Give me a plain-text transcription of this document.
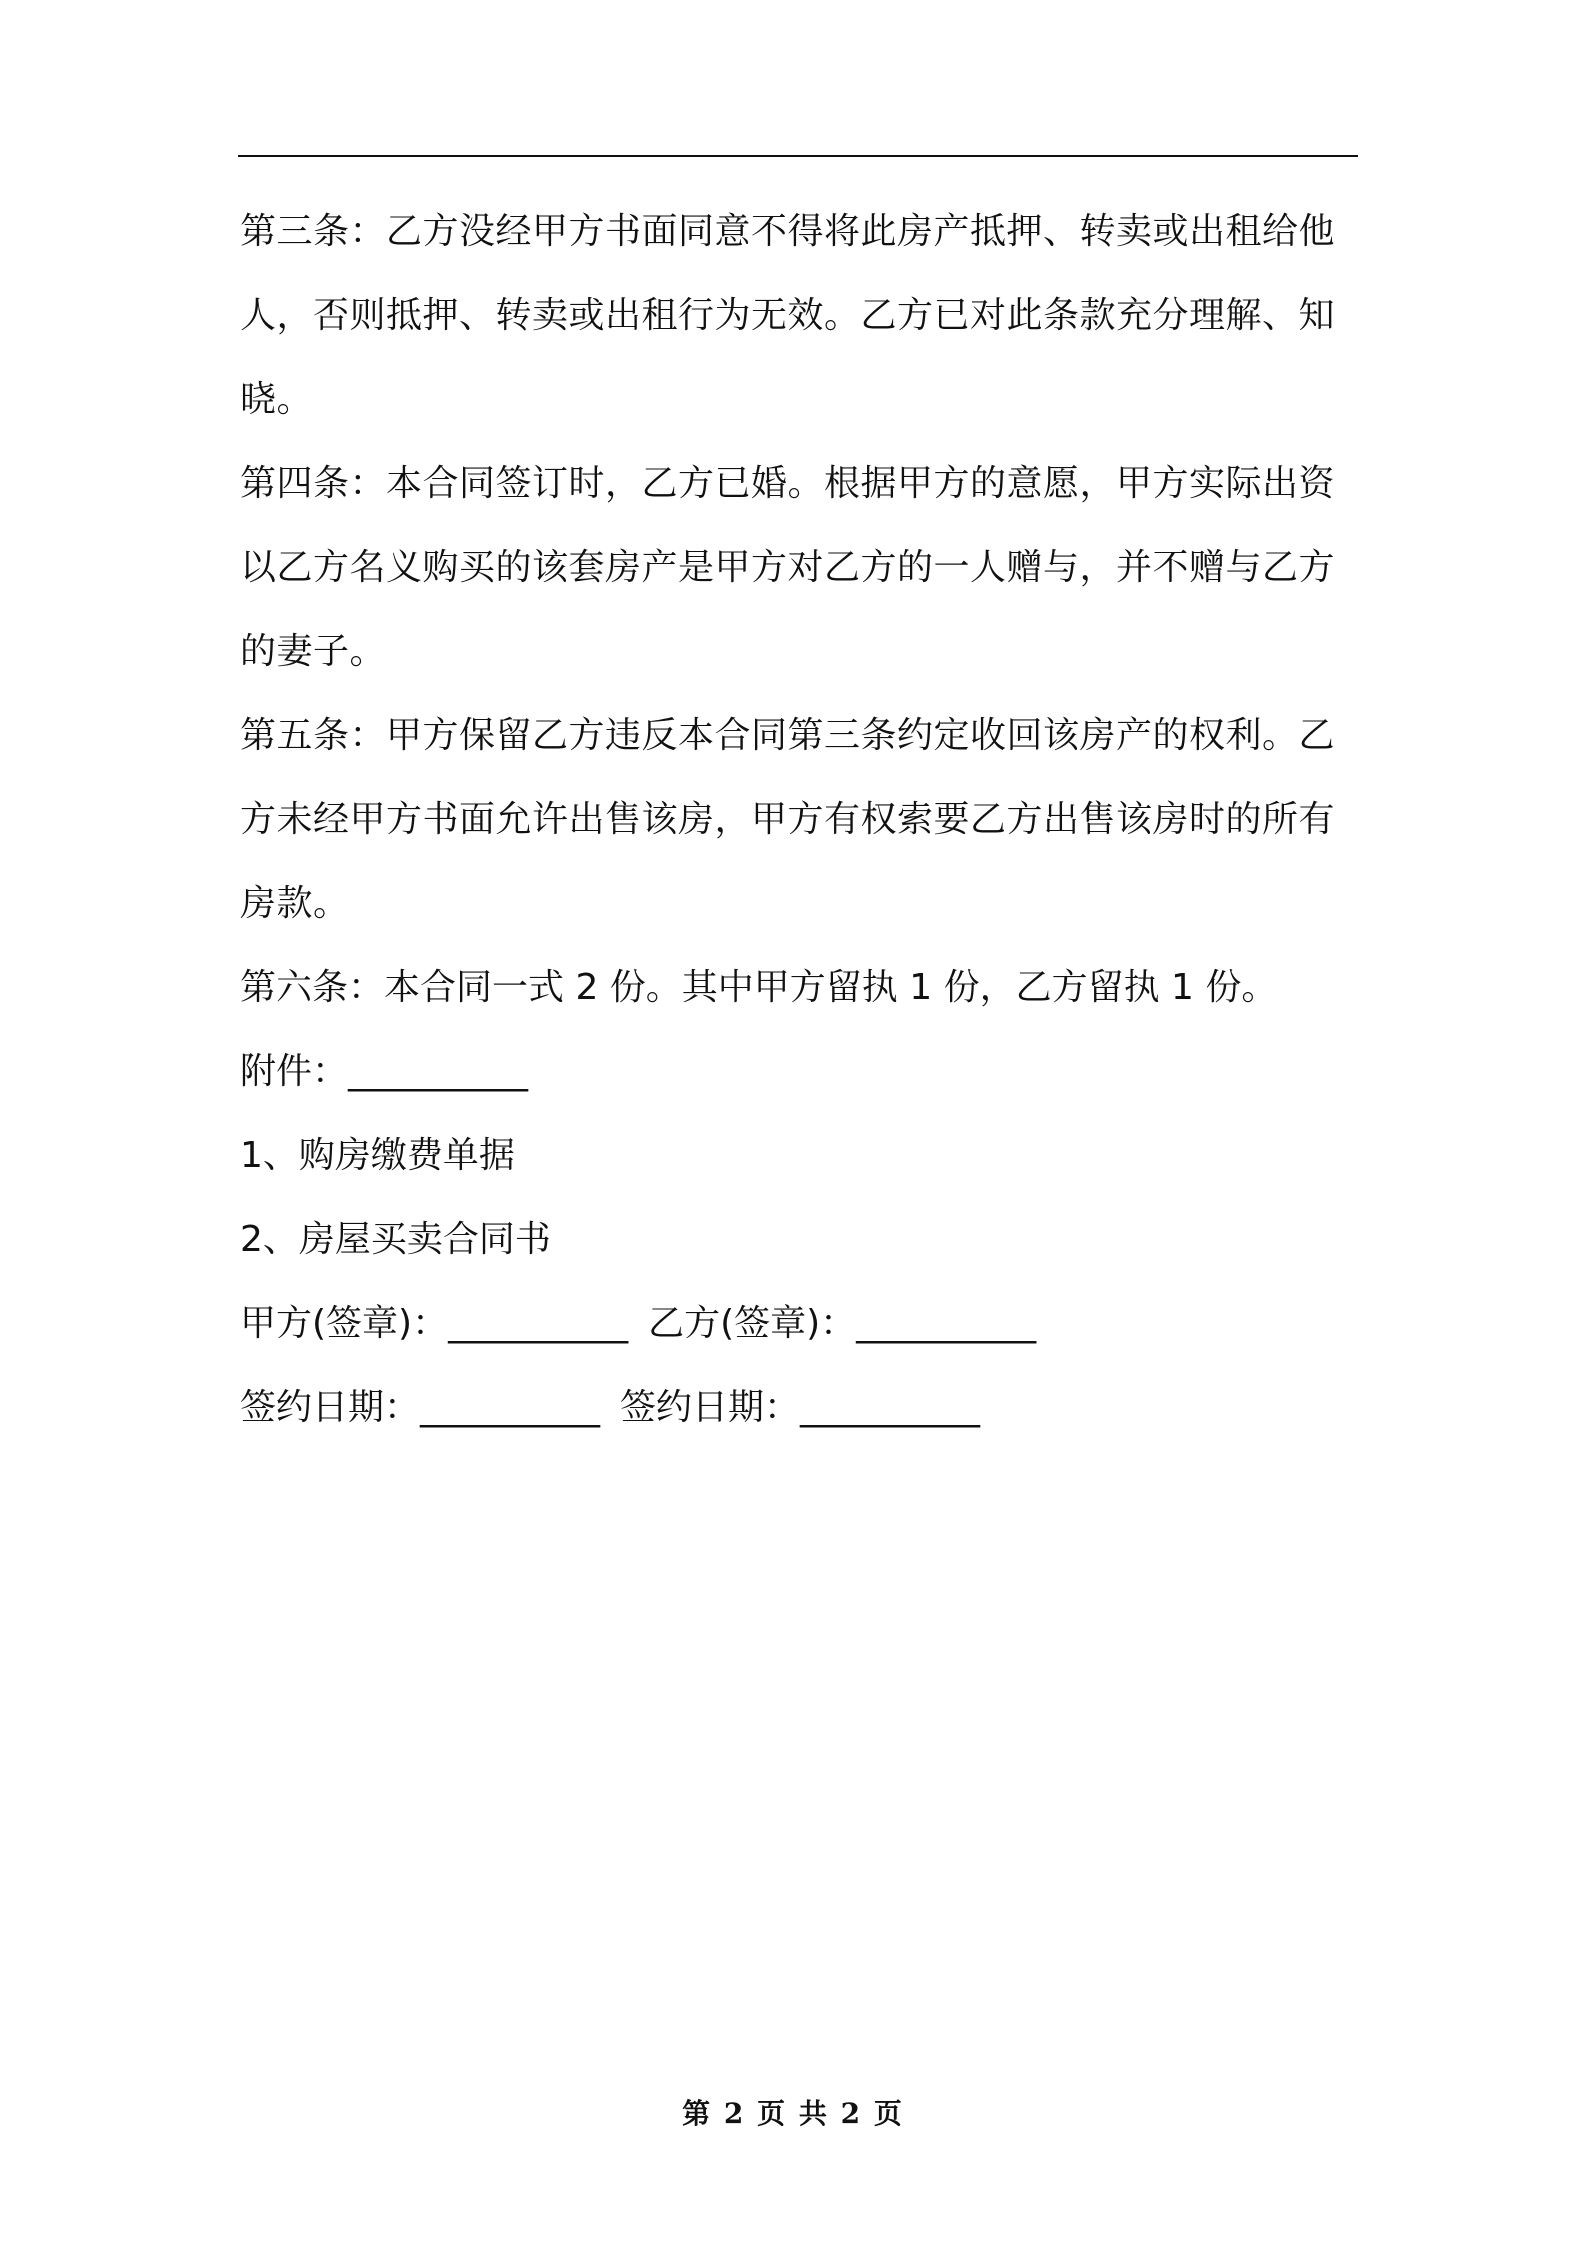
第三条：乙方没经甲方书面同意不得将此房产抵押、转卖或出租给他人，否则抵押、转卖或出租行为无效。乙方已对此条款充分理解、知晓。

第四条：本合同签订时，乙方已婚。根据甲方的意愿，甲方实际出资以乙方名义购买的该套房产是甲方对乙方的一人赠与，并不赠与乙方的妻子。

第五条：甲方保留乙方违反本合同第三条约定收回该房产的权利。乙方未经甲方书面允许出售该房，甲方有权索要乙方出售该房时的所有房款。

第六条：本合同一式 2 份。其中甲方留执 1 份，乙方留执 1 份。

附件：__________

1、购房缴费单据

2、房屋买卖合同书

甲方(签章)：__________ 乙方(签章)：__________

签约日期：__________ 签约日期：__________

第 2 页 共 2 页
